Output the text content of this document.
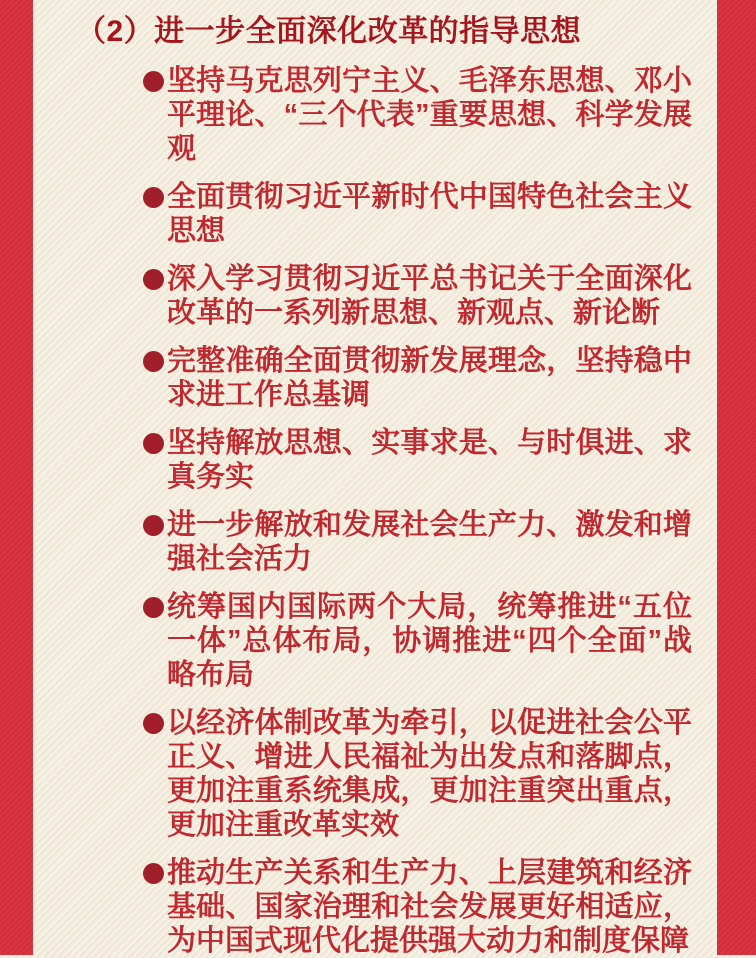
（2）进一步全面深化改革的指导思想

坚持马克思列宁主义、毛泽东思想、邓小平理论、“三个代表”重要思想、科学发展观

全面贯彻习近平新时代中国特色社会主义思想

深入学习贯彻习近平总书记关于全面深化改革的一系列新思想、新观点、新论断

完整准确全面贯彻新发展理念，坚持稳中求进工作总基调

坚持解放思想、实事求是、与时俱进、求真务实

进一步解放和发展社会生产力、激发和增强社会活力

统筹国内国际两个大局，统筹推进“五位一体”总体布局，协调推进“四个全面”战略布局

以经济体制改革为牵引，以促进社会公平正义、增进人民福祉为出发点和落脚点，更加注重系统集成，更加注重突出重点，更加注重改革实效

推动生产关系和生产力、上层建筑和经济基础、国家治理和社会发展更好相适应，为中国式现代化提供强大动力和制度保障
